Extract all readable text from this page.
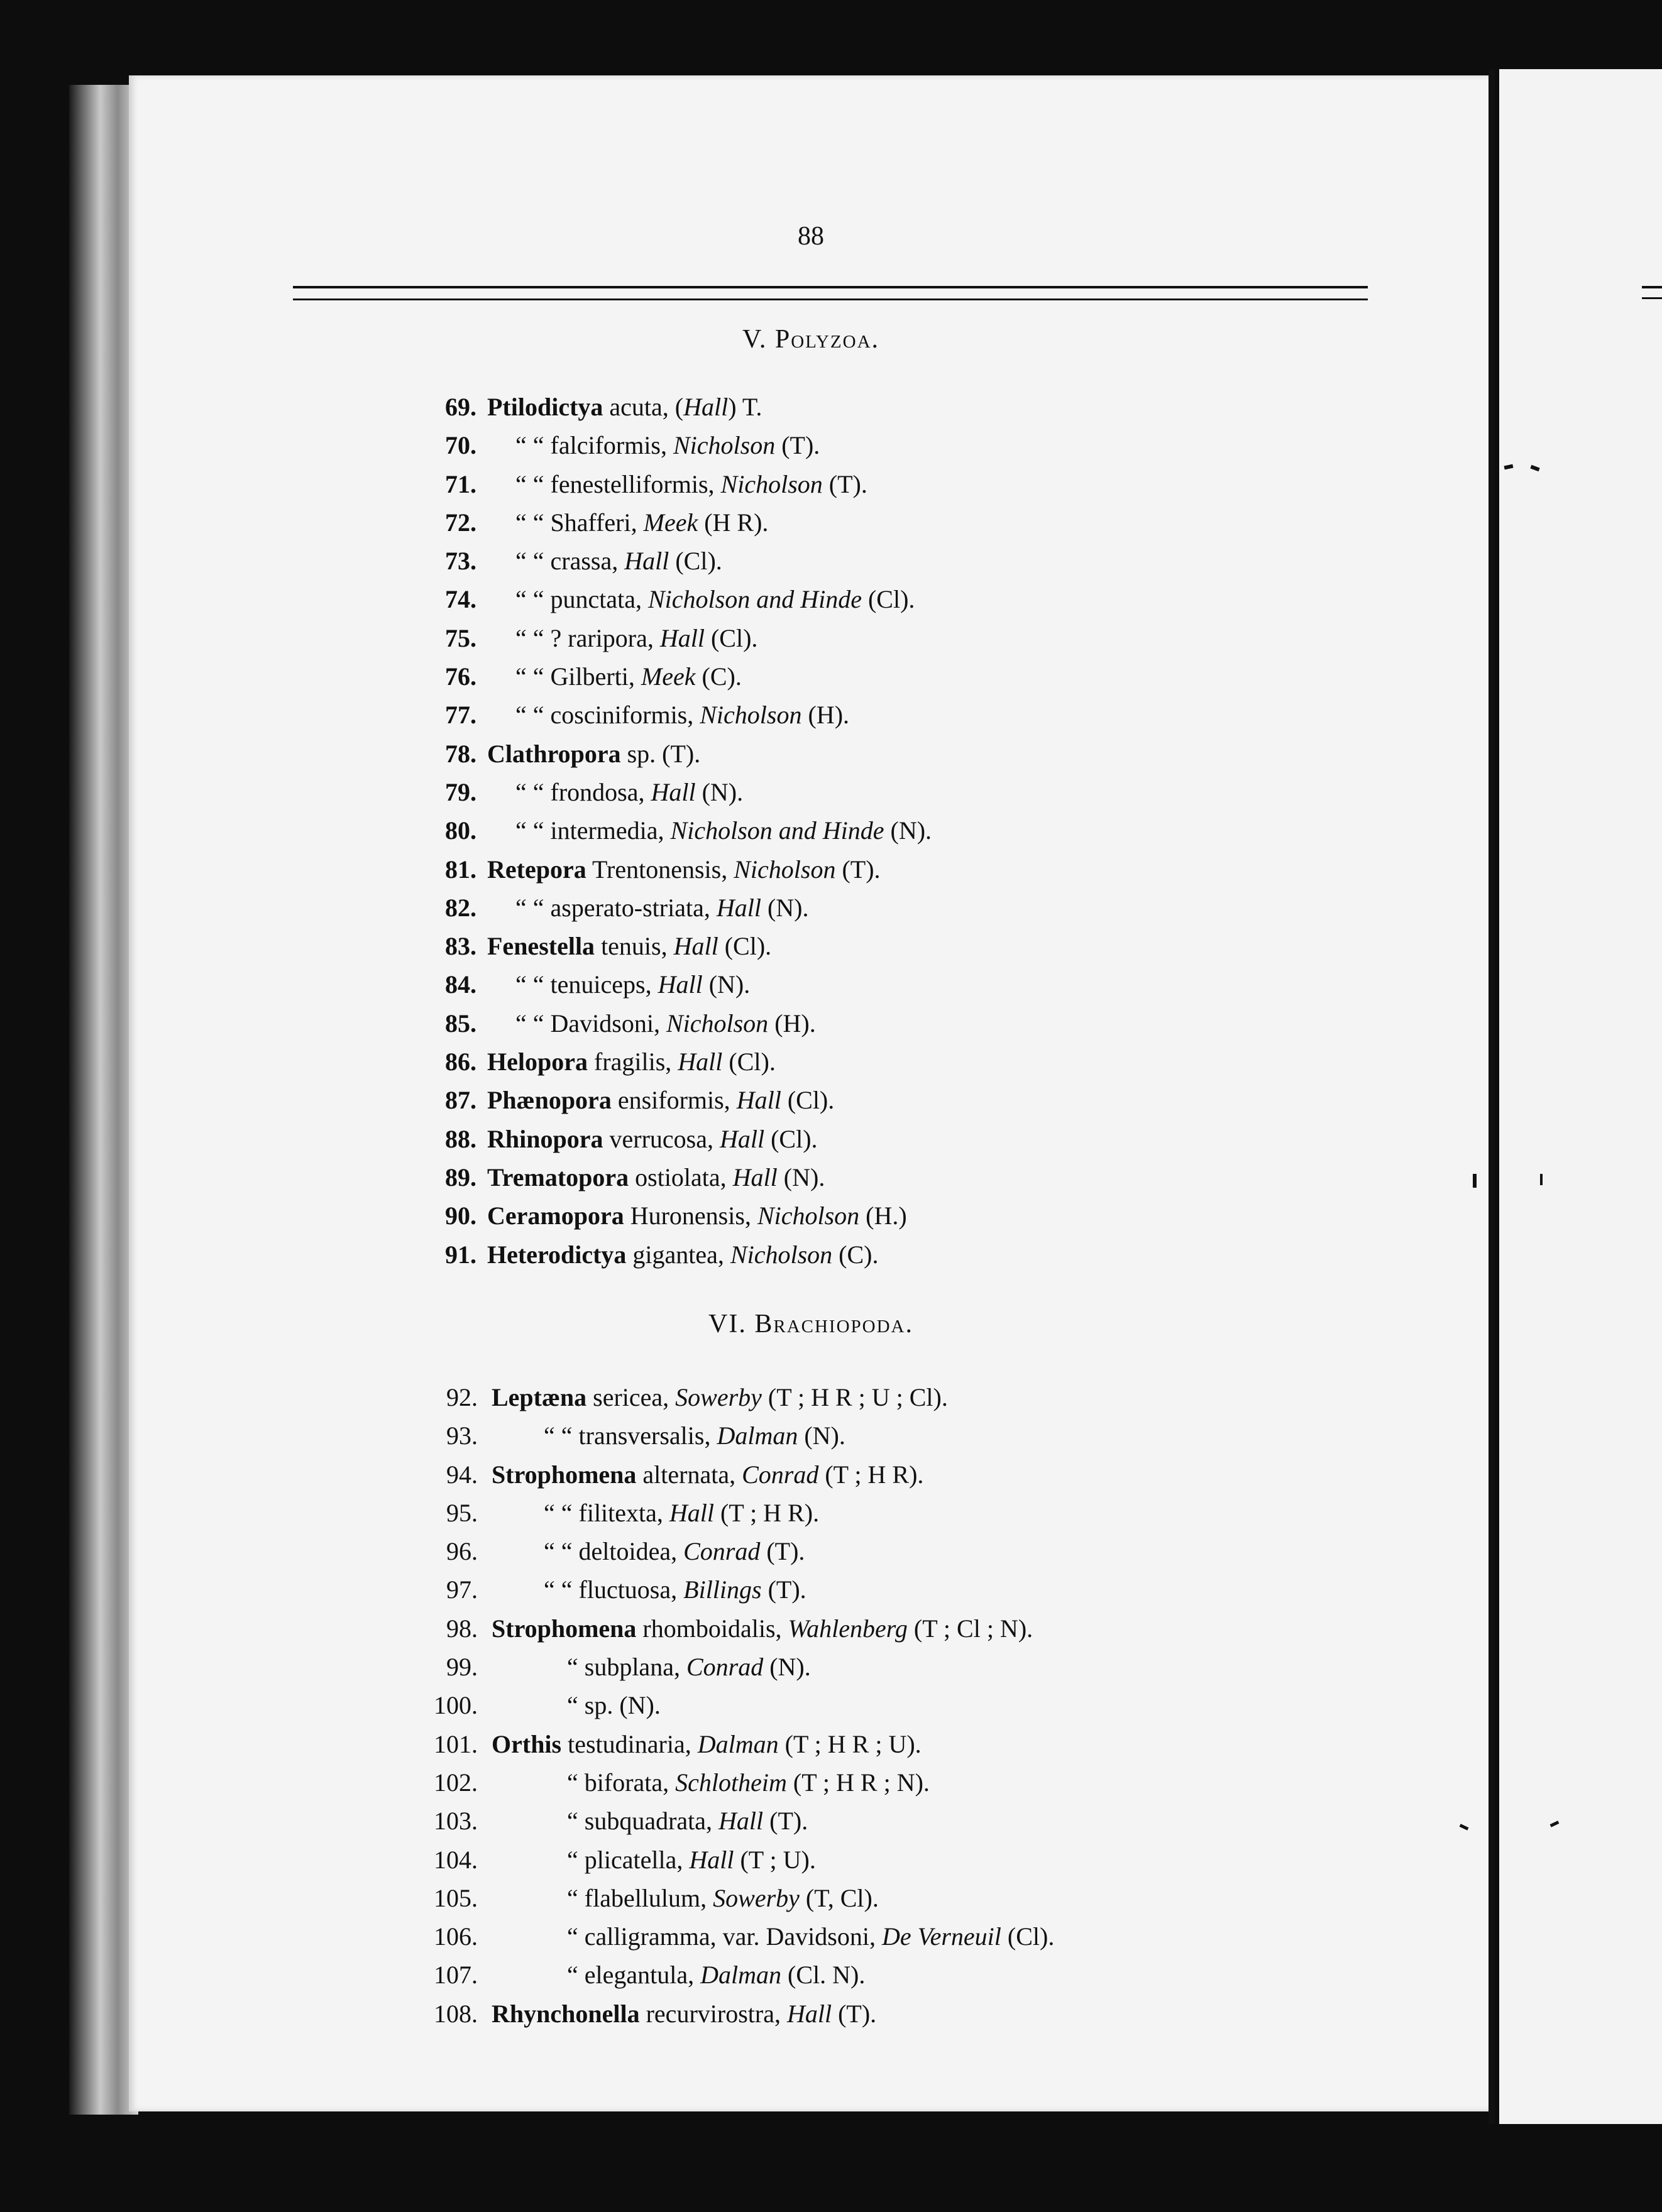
88
V. Polyzoa.
69. Ptilodictya acuta, (Hall) T.
70. “ “ falciformis, Nicholson (T).
71. “ “ fenestelliformis, Nicholson (T).
72. “ “ Shafferi, Meek (H R).
73. “ “ crassa, Hall (Cl).
74. “ “ punctata, Nicholson and Hinde (Cl).
75. “ “ ? raripora, Hall (Cl).
76. “ “ Gilberti, Meek (C).
77. “ “ cosciniformis, Nicholson (H).
78. Clathropora sp. (T).
79. “ “ frondosa, Hall (N).
80. “ “ intermedia, Nicholson and Hinde (N).
81. Retepora Trentonensis, Nicholson (T).
82. “ “ asperato-striata, Hall (N).
83. Fenestella tenuis, Hall (Cl).
84. “ “ tenuiceps, Hall (N).
85. “ “ Davidsoni, Nicholson (H).
86. Helopora fragilis, Hall (Cl).
87. Phænopora ensiformis, Hall (Cl).
88. Rhinopora verrucosa, Hall (Cl).
89. Trematopora ostiolata, Hall (N).
90. Ceramopora Huronensis, Nicholson (H.)
91. Heterodictya gigantea, Nicholson (C).
VI. Brachiopoda.
92. Leptæna sericea, Sowerby (T ; H R ; U ; Cl).
93.	“ “ transversalis, Dalman (N).
94. Strophomena alternata, Conrad (T ; H R).
95.	“ “ filitexta, Hall (T ; H R).
96.	“ “ deltoidea, Conrad (T).
97.	“ “ fluctuosa, Billings (T).
98. Strophomena rhomboidalis, Wahlenberg (T ; Cl ; N).
99.	“ subplana, Conrad (N).
100.	“ sp. (N).
101. Orthis testudinaria, Dalman (T ; H R ; U).
102.	“ biforata, Schlotheim (T ; H R ; N).
103.	“ subquadrata, Hall (T).
104.	“ plicatella, Hall (T ; U).
105.	“ flabellulum, Sowerby (T, Cl).
106.	“ calligramma, var. Davidsoni, De Verneuil (Cl).
107.	“ elegantula, Dalman (Cl. N).
108. Rhynchonella recurvirostra, Hall (T).
